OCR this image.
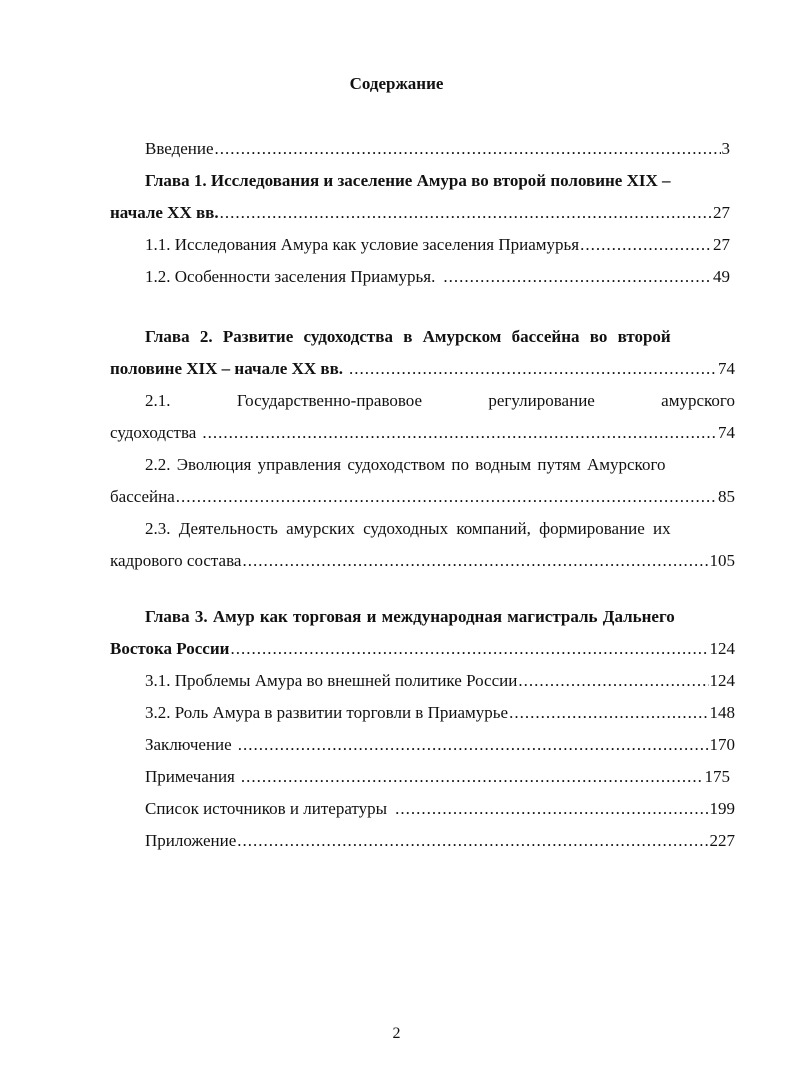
Содержание
Введение .....	3
Глава 1. Исследования и заселение Амура во второй половине XIX –
начале XX вв. .....	27
1.1. Исследования Амура как условие заселения Приамурья .....	27
1.2. Особенности заселения Приамурья. .....	49
Глава 2. Развитие судоходства в Амурском бассейна во второй
половине XIX – начале XX вв. .....	74
2.1.	Государственно-правовое	регулирование	амурского
судоходства .....	74
2.2. Эволюция управления судоходством по водным путям Амурского
бассейна .....	85
2.3. Деятельность амурских судоходных компаний, формирование их
кадрового состава .....	105
Глава 3. Амур как торговая и международная магистраль Дальнего
Востока России .....	124
3.1. Проблемы Амура во внешней политике России .....	124
3.2. Роль Амура в развитии торговли в Приамурье .....	148
Заключение .....	170
Примечания .....	175
Список источников и литературы .....	199
Приложение .....	227
2
